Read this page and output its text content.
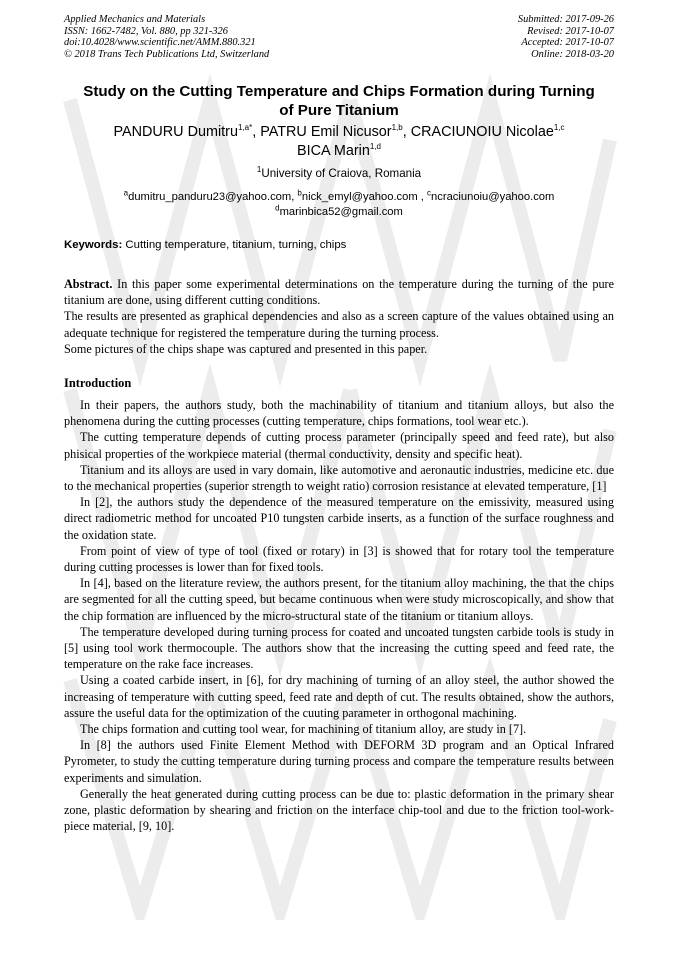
Applied Mechanics and Materials
ISSN: 1662-7482, Vol. 880, pp 321-326
doi:10.4028/www.scientific.net/AMM.880.321
© 2018 Trans Tech Publications Ltd, Switzerland
Submitted: 2017-09-26
Revised: 2017-10-07
Accepted: 2017-10-07
Online: 2018-03-20
Study on the Cutting Temperature and Chips Formation during Turning
of Pure Titanium
PANDURU Dumitru$^{1,a*}$, PATRU Emil Nicusor$^{1,b}$, CRACIUNOIU Nicolae$^{1,c}$
BICA Marin$^{1,d}$
$^1$University of Craiova, Romania
$^a$dumitru_panduru23@yahoo.com, $^b$nick_emyl@yahoo.com , $^c$ncraciunoiu@yahoo.com
$^d$marinbica52@gmail.com
Keywords: Cutting temperature, titanium, turning, chips

Abstract. In this paper some experimental determinations on the temperature during the turning of the pure titanium are done, using different cutting conditions.

The results are presented as graphical dependencies and also as a screen capture of the values obtained using an adequate technique for registered the temperature during the turning process.

Some pictures of the chips shape was captured and presented in this paper.

Introduction

In their papers, the authors study, both the machinability of titanium and titanium alloys, but also the phenomena during the cutting processes (cutting temperature, chips formations, tool wear etc.).

The cutting temperature depends of cutting process parameter (principally speed and feed rate), but also phisical properties of the workpiece material (thermal conductivity, density and specific heat).

Titanium and its alloys are used in vary domain, like automotive and aeronautic industries, medicine etc. due to the mechanical properties (superior strength to weight ratio) corrosion resistance at elevated temperature, [1]

In [2], the authors study the dependence of the measured temperature on the emissivity, measured using direct radiometric method for uncoated P10 tungsten carbide inserts, as a function of the surface roughness and the oxidation state.

From point of view of type of tool (fixed or rotary) in [3] is showed that for rotary tool the temperature during cutting processes is lower than for fixed tools.

In [4], based on the literature review, the authors present, for the titanium alloy machining, the that the chips are segmented for all the cutting speed, but became continuous when were study microscopically, and show that the chip formation are influenced by the micro-structural state of the titanium or titanium alloys.

The temperature developed during turning process for coated and uncoated tungsten carbide tools is study in [5] using tool work thermocouple. The authors show that the increasing the cutting speed and feed rate, the temperature on the rake face increases.

Using a coated carbide insert, in [6], for dry machining of turning of an alloy steel, the author showed the increasing of temperature with cutting speed, feed rate and depth of cut. The results obtained, show the authors, assure the useful data for the optimization of the cuuting parameter in orthogonal machining.

The chips formation and cutting tool wear, for machining of titanium alloy, are study in [7].

In [8] the authors used Finite Element Method with DEFORM 3D program and an Optical Infrared Pyrometer, to study the cutting temperature during turning process and compare the temperature results between experiments and simulation.

Generally the heat generated during cutting process can be due to: plastic deformation in the primary shear zone, plastic deformation by shearing and friction on the interface chip-tool and due to the friction tool-work-piece material, [9, 10].
